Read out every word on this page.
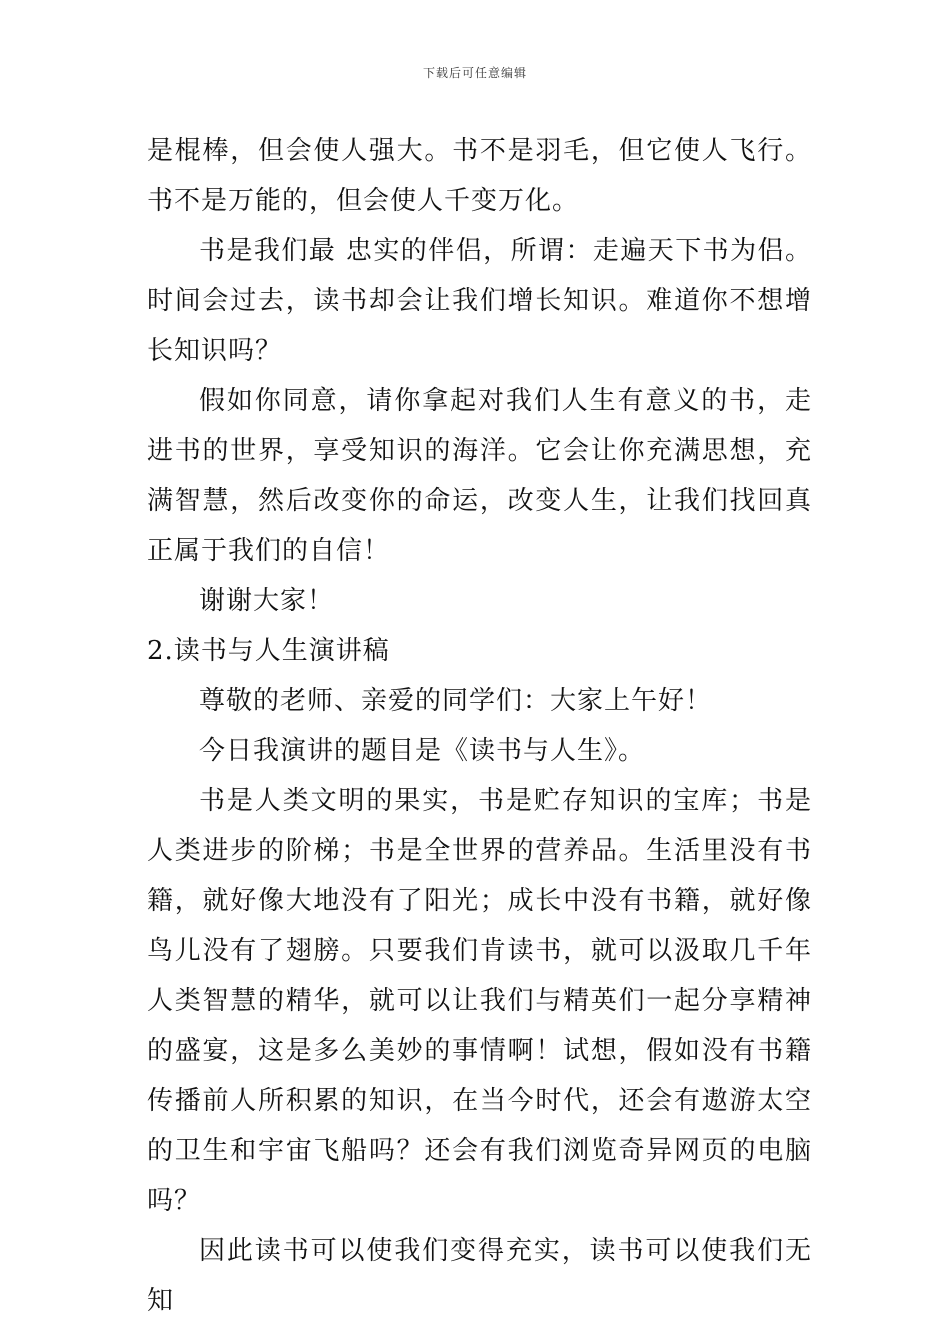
下载后可任意编辑

是棍棒，但会使人强大。书不是羽毛，但它使人飞行。书不是万能的，但会使人千变万化。

书是我们最 忠实的伴侣，所谓：走遍天下书为侣。时间会过去，读书却会让我们增长知识。难道你不想增长知识吗？

假如你同意，请你拿起对我们人生有意义的书，走进书的世界，享受知识的海洋。它会让你充满思想，充满智慧，然后改变你的命运，改变人生，让我们找回真正属于我们的自信！

谢谢大家！

2.读书与人生演讲稿

尊敬的老师、亲爱的同学们：大家上午好！

今日我演讲的题目是《读书与人生》。

书是人类文明的果实，书是贮存知识的宝库；书是人类进步的阶梯；书是全世界的营养品。生活里没有书籍，就好像大地没有了阳光；成长中没有书籍，就好像鸟儿没有了翅膀。只要我们肯读书，就可以汲取几千年人类智慧的精华，就可以让我们与精英们一起分享精神的盛宴，这是多么美妙的事情啊！试想，假如没有书籍传播前人所积累的知识，在当今时代，还会有遨游太空的卫生和宇宙飞船吗？还会有我们浏览奇异网页的电脑吗？

因此读书可以使我们变得充实，读书可以使我们无知
